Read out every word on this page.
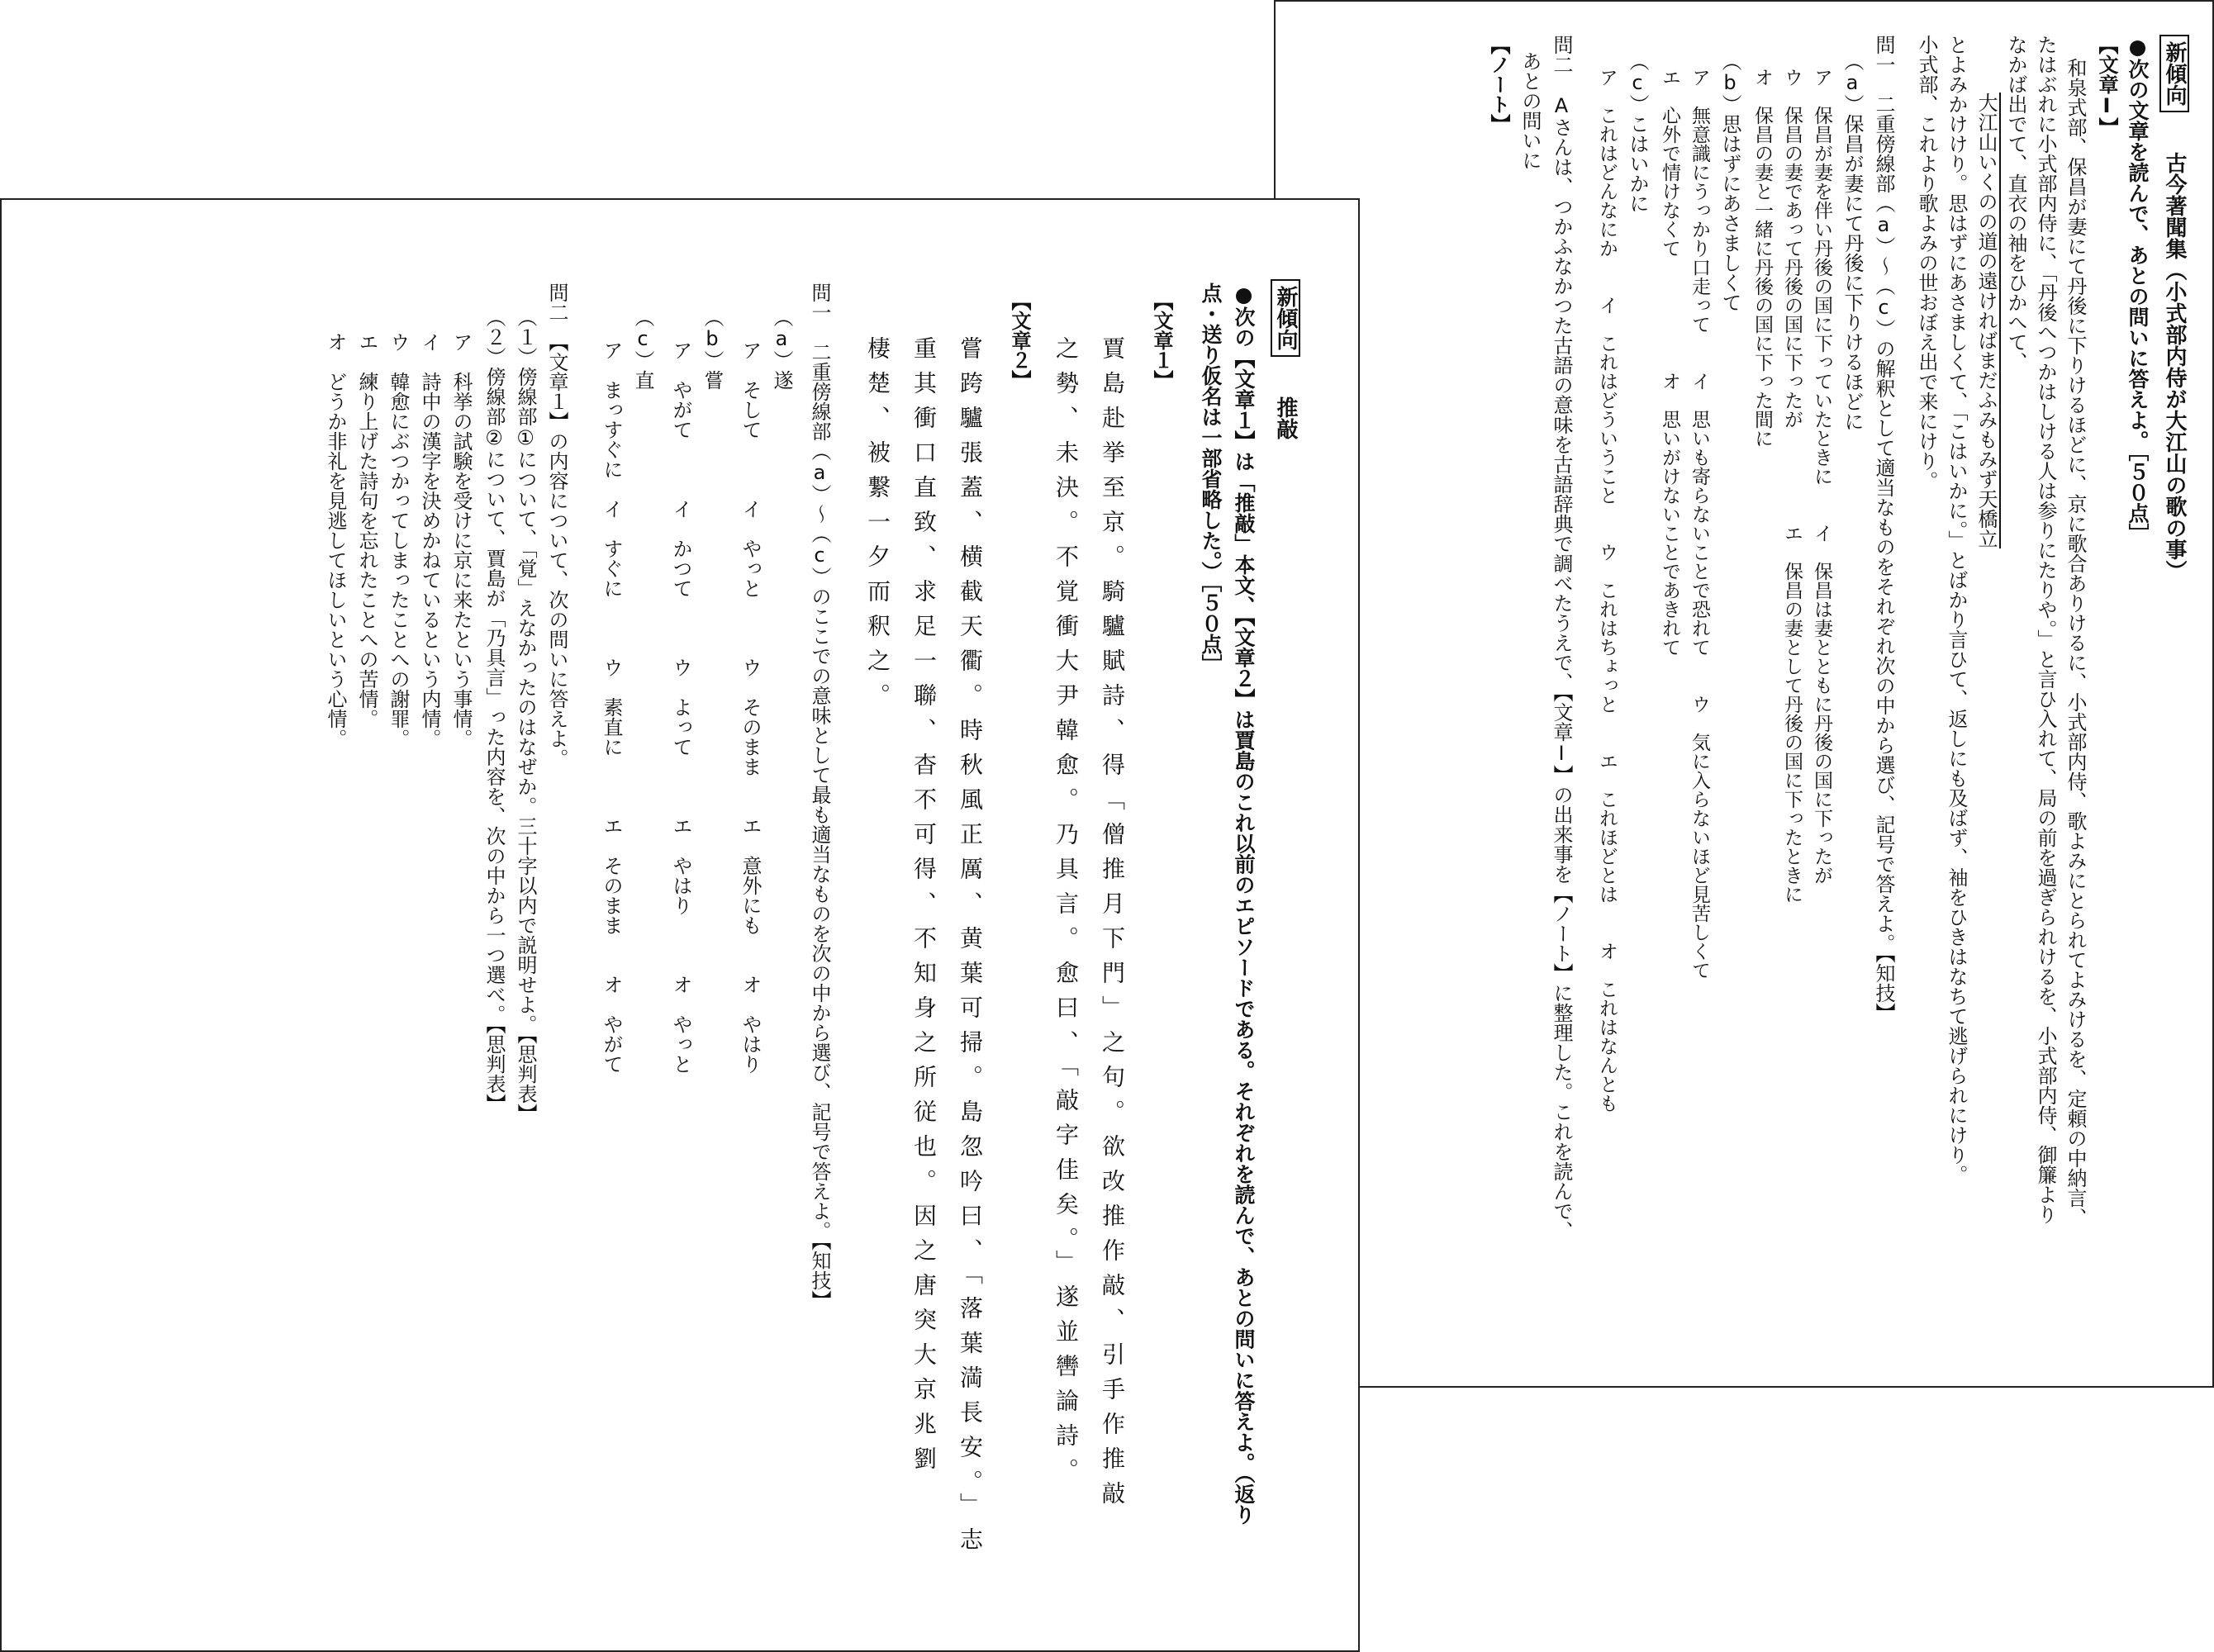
新傾向 古今著聞集（小式部内侍が大江山の歌の事）
●次の文章を読んで、あとの問いに答えよ。［５０点］
【文章Ⅰ】
和泉式部、保昌が妻にて丹後に下りけるほどに、京に歌合ありけるに、小式部内侍、歌よみにとられてよみけるを、定頼の中納言、
たはぶれに小式部内侍に、「丹後へつかはしける人は参りにたりや。」と言ひ入れて、局の前を過ぎられけるを、小式部内侍、御簾より
なかば出でて、直衣の袖をひかへて、
大江山いくのの道の遠ければまだふみもみず天橋立
とよみかけけり。思はずにあさましくて、「こはいかに。」とばかり言ひて、返しにも及ばず、袖をひきはなちて逃げられにけり。
小式部、これより歌よみの世おぼえ出で来にけり。
問一　二重傍線部（a）〜（c）の解釈として適当なものをそれぞれ次の中から選び、記号で答えよ。【知技】
（a）保昌が妻にて丹後に下りけるほどに
ア　保昌が妻を伴い丹後の国に下っていたときに　　イ　保昌は妻とともに丹後の国に下ったが
ウ　保昌の妻であって丹後の国に下ったが　　　　　エ　保昌の妻として丹後の国に下ったときに
オ　保昌の妻と一緒に丹後の国に下った間に
（b）思はずにあさましくて
ア　無意識にうっかり口走って　　イ　思いも寄らないことで恐れて　　ウ　気に入らないほど見苦しくて
エ　心外で情けなくて　　　　　　オ　思いがけないことであきれて
（c）こはいかに
ア　これはどんなにか　　イ　これはどういうこと　　ウ　これはちょっと　　エ　これほどとは　　オ　これはなんとも
問二　Aさんは、つかふなかつた古語の意味を古語辞典で調べたうえで、【文章Ⅰ】の出来事を【ノート】に整理した。これを読んで、
あとの問いに
【ノート】
新傾向 推敲
●次の【文章１】は「推敲」本文、【文章２】は賈島のこれ以前のエピソードである。それぞれを読んで、あとの問いに答えよ。（返り
点・送り仮名は一部省略した。）［５０点］
【文章１】
賈島赴挙至京。騎驢賦詩、得「僧推月下門」之句。欲改推作敲、引手作推敲
之勢、未決。不覚衝大尹韓愈。乃具言。愈曰、「敲字佳矣。」遂並轡論詩。
【文章２】
嘗跨驢張蓋、横截天衢。時秋風正厲、黄葉可掃。島忽吟曰、「落葉満長安。」志
重其衝口直致、求足一聯、杳不可得、不知身之所従也。因之唐突大京兆劉
棲楚、被繋一夕而釈之。
問一　二重傍線部（a）〜（c）のここでの意味として最も適当なものを次の中から選び、記号で答えよ。【知技】
（a）遂
ア　そして　　　イ　やっと　　　ウ　そのまま　　エ　意外にも　　オ　やはり
（b）嘗
ア　やがて　　　イ　かつて　　　ウ　よって　　　エ　やはり　　　オ　やっと
（c）直
ア　まっすぐに　イ　すぐに　　　ウ　素直に　　　エ　そのまま　　オ　やがて
問二　【文章１】の内容について、次の問いに答えよ。
（１）傍線部①について、「覚」えなかったのはなぜか。三十字以内で説明せよ。【思判表】
（２）傍線部②について、賈島が「乃具言」った内容を、次の中から一つ選べ。【思判表】
ア　科挙の試験を受けに京に来たという事情。
イ　詩中の漢字を決めかねているという内情。
ウ　韓愈にぶつかってしまったことへの謝罪。
エ　練り上げた詩句を忘れたことへの苦情。
オ　どうか非礼を見逃してほしいという心情。
